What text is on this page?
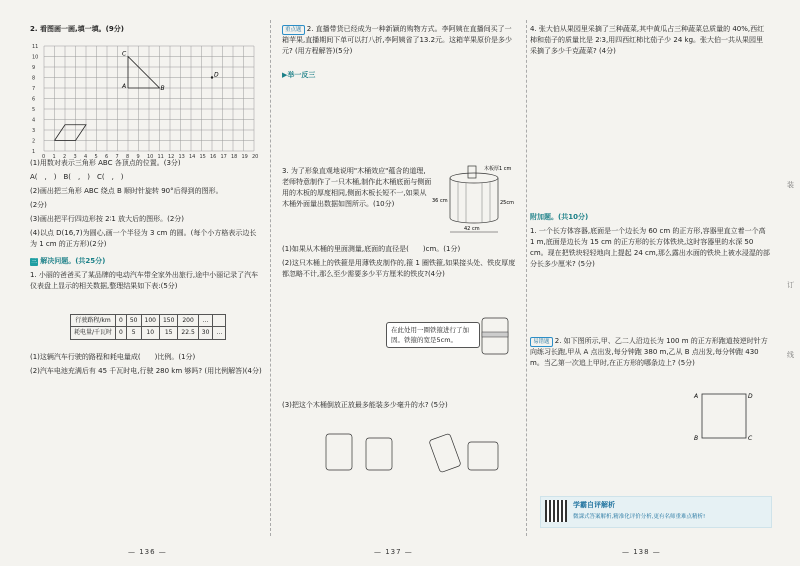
2. 看图画一画,填一填。(9分)

11
10
9
8
7
6
5
4
3
2
1
0 1 2 3 4 5 6 7 8 9 10 11 12 13 14 15 16 17 18 19 20
A	B
C
D

(1)用数对表示三角形 ABC 各顶点的位置。(3分)

A(　,　)　B(　,　)　C(　,　)

(2)画出把三角形 ABC 绕点 B 顺时针旋转 90°后得到的图形。

(2分)

(3)画出把平行四边形按 2∶1 放大后的图形。(2分)

(4)以点 D(16,7)为圆心,画一个半径为 3 cm 的圆。(每个小方格表示边长为 1 cm 的正方形)(2分)

三 解决问题。(共25分)

1. 小丽的爸爸买了某品牌的电动汽车带全家外出旅行,途中小丽记录了汽车仪表盘上显示的相关数据,整理结果如下表:(5分)

行驶路程/km	0	50	100	150	200	…	
耗电量/千瓦时	0	5	10	15	22.5	30	…

(1)这辆汽车行驶的路程和耗电量成(　　)比例。(1分)

(2)汽车电池充满后有 45 千瓦时电,行驶 280 km 够吗? (用比例解答)(4分)

— 136 —

重点题 2. 直播带货已经成为一种新颖的购物方式。李阿姨在直播间买了一箱苹果,直播期间下单可以打八折,李阿姨省了13.2元。这箱苹果原价是多少元? (用方程解答)(5分)

▶举一反三

3. 为了形象直观地说明"木桶效应"蕴含的道理,老师特意制作了一只木桶,制作此木桶底面与侧面用的木板的厚度相同,侧面木板长短不一,如果从木桶外面量出数据如图所示。(10分)

木板厚1 cm
36 cm	25cm
42 cm

(1)如果从木桶的里面测量,底面的直径是(　　)cm。(1分)

(2)这只木桶上的铁箍是用薄铁皮制作的,箍 1 圈铁箍,如果接头处、铁皮厚度都忽略不计,那么至少需要多少平方厘米的铁皮?(4分)

在此处用一圈铁箍进行了加固。铁箍的宽是5cm。

(3)把这个木桶倒放正放最多能装多少毫升的水? (5分)

— 137 —

4. 张大伯从果园里采摘了三种蔬菜,其中黄瓜占三种蔬菜总质量的 40%,西红柿和茄子的质量比是 2∶3,用四西红柿比茄子少 24 kg。张大伯一共从果园里采摘了多少千克蔬菜? (4分)

附加题。(共10分)

1. 一个长方体容器,底面是一个边长为 60 cm 的正方形,容器里直立着一个高 1 m,底面是边长为 15 cm 的正方形的长方体铁块,这时容器里的水深 50 cm。现在把铁块轻轻地向上提起 24 cm,那么露出水面的铁块上被水浸湿的部分长多少厘米? (5分)

易错题 2. 如下图所示,甲、乙二人沿边长为 100 m 的正方形跑道按逆时针方向练习长跑,甲从 A 点出发,每分钟跑 380 m,乙从 B 点出发,每分钟跑 430 m。当乙第一次追上甲时,在正方形的哪条边上? (5分)

A
B	C
D
— 138 —
装
订
线
学霸自评解析
微課式答案解析,精准化评价分析,更有名师重难点精析!
